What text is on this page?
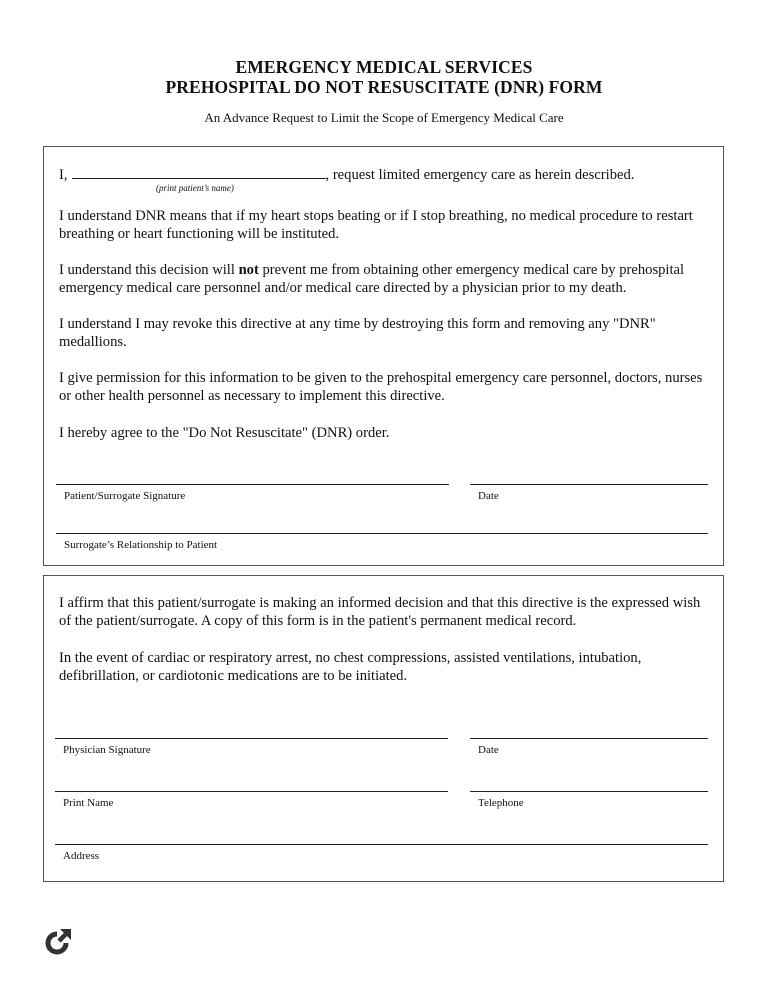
EMERGENCY MEDICAL SERVICES
PREHOSPITAL DO NOT RESUSCITATE (DNR) FORM
An Advance Request to Limit the Scope of Emergency Medical Care
I,	, request limited emergency care as herein described.
(print patient’s name)
I understand DNR means that if my heart stops beating or if I stop breathing, no medical procedure to restart breathing or heart functioning will be instituted.
I understand this decision will not prevent me from obtaining other emergency medical care by prehospital emergency medical care personnel and/or medical care directed by a physician prior to my death.
I understand I may revoke this directive at any time by destroying this form and removing any "DNR" medallions.
I give permission for this information to be given to the prehospital emergency care personnel, doctors, nurses or other health personnel as necessary to implement this directive.
I hereby agree to the "Do Not Resuscitate" (DNR) order.
Patient/Surrogate Signature	Date
Surrogate’s Relationship to Patient
I affirm that this patient/surrogate is making an informed decision and that this directive is the expressed wish of the patient/surrogate. A copy of this form is in the patient's permanent medical record.
In the event of cardiac or respiratory arrest, no chest compressions, assisted ventilations, intubation, defibrillation, or cardiotonic medications are to be initiated.
Physician Signature	Date
Print Name	Telephone
Address
